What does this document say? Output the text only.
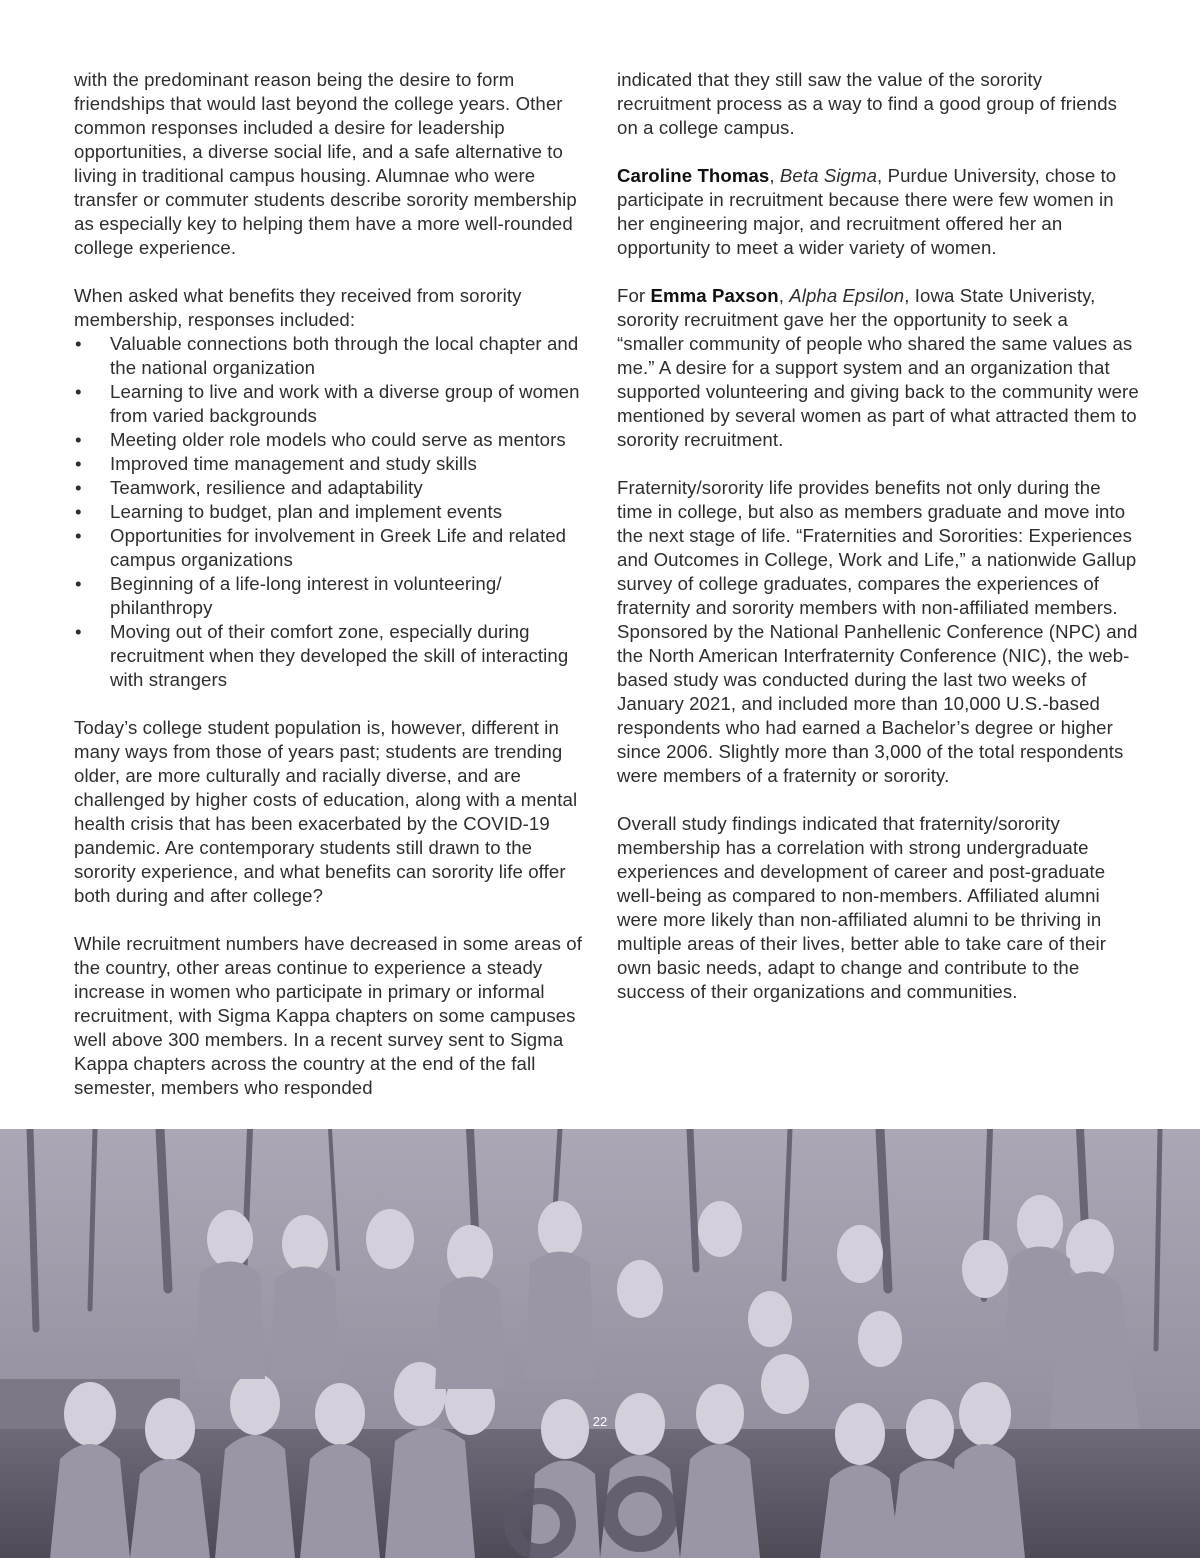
with the predominant reason being the desire to form friendships that would last beyond the college years. Other common responses included a desire for leadership opportunities, a diverse social life, and a safe alternative to living in traditional campus housing. Alumnae who were transfer or commuter students describe sorority membership as especially key to helping them have a more well-rounded college experience.

When asked what benefits they received from sorority membership, responses included:

• Valuable connections both through the local chapter and the national organization
• Learning to live and work with a diverse group of women from varied backgrounds
• Meeting older role models who could serve as mentors
• Improved time management and study skills
• Teamwork, resilience and adaptability
• Learning to budget, plan and implement events
• Opportunities for involvement in Greek Life and related campus organizations
• Beginning of a life-long interest in volunteering/ philanthropy
• Moving out of their comfort zone, especially during recruitment when they developed the skill of interacting with strangers

Today’s college student population is, however, different in many ways from those of years past; students are trending older, are more culturally and racially diverse, and are challenged by higher costs of education, along with a mental health crisis that has been exacerbated by the COVID-19 pandemic. Are contemporary students still drawn to the sorority experience, and what benefits can sorority life offer both during and after college?

While recruitment numbers have decreased in some areas of the country, other areas continue to experience a steady increase in women who participate in primary or informal recruitment, with Sigma Kappa chapters on some campuses well above 300 members. In a recent survey sent to Sigma Kappa chapters across the country at the end of the fall semester, members who responded

indicated that they still saw the value of the sorority recruitment process as a way to find a good group of friends on a college campus.

Caroline Thomas, Beta Sigma, Purdue University, chose to participate in recruitment because there were few women in her engineering major, and recruitment offered her an opportunity to meet a wider variety of women.

For Emma Paxson, Alpha Epsilon, Iowa State Univeristy, sorority recruitment gave her the opportunity to seek a “smaller community of people who shared the same values as me.” A desire for a support system and an organization that supported volunteering and giving back to the community were mentioned by several women as part of what attracted them to sorority recruitment.

Fraternity/sorority life provides benefits not only during the time in college, but also as members graduate and move into the next stage of life. “Fraternities and Sororities: Experiences and Outcomes in College, Work and Life,” a nationwide Gallup survey of college graduates, compares the experiences of fraternity and sorority members with non-affiliated members. Sponsored by the National Panhellenic Conference (NPC) and the North American Interfraternity Conference (NIC), the web-based study was conducted during the last two weeks of January 2021, and included more than 10,000 U.S.-based respondents who had earned a Bachelor’s degree or higher since 2006. Slightly more than 3,000 of the total respondents were members of a fraternity or sorority.

Overall study findings indicated that fraternity/sorority membership has a correlation with strong undergraduate experiences and development of career and post-graduate well-being as compared to non-members. Affiliated alumni were more likely than non-affiliated alumni to be thriving in multiple areas of their lives, better able to take care of their own basic needs, adapt to change and contribute to the success of their organizations and communities.

22
